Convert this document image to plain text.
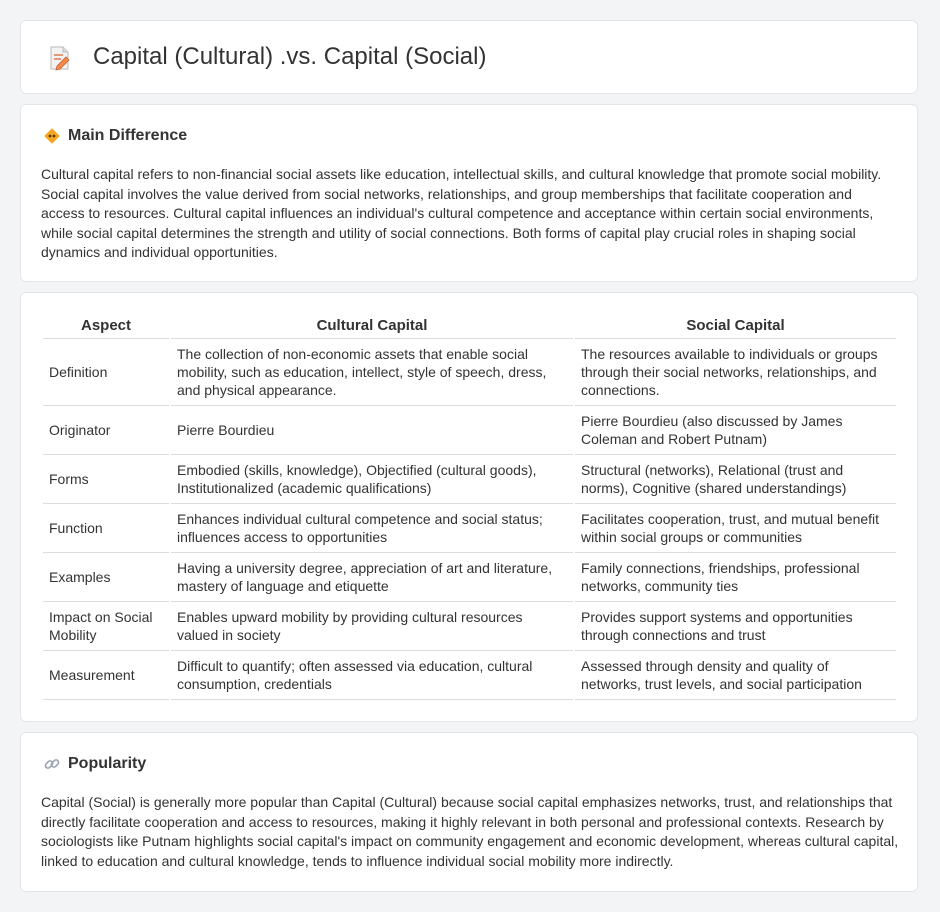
Capital (Cultural) .vs. Capital (Social)
Main Difference

Cultural capital refers to non-financial social assets like education, intellectual skills, and cultural knowledge that promote social mobility. Social capital involves the value derived from social networks, relationships, and group memberships that facilitate cooperation and access to resources. Cultural capital influences an individual's cultural competence and acceptance within certain social environments, while social capital determines the strength and utility of social connections. Both forms of capital play crucial roles in shaping social dynamics and individual opportunities.

Aspect	Cultural Capital	Social Capital
Definition	The collection of non-economic assets that enable social mobility, such as education, intellect, style of speech, dress, and physical appearance.	The resources available to individuals or groups through their social networks, relationships, and connections.
Originator	Pierre Bourdieu	Pierre Bourdieu (also discussed by James Coleman and Robert Putnam)
Forms	Embodied (skills, knowledge), Objectified (cultural goods), Institutionalized (academic qualifications)	Structural (networks), Relational (trust and norms), Cognitive (shared understandings)
Function	Enhances individual cultural competence and social status; influences access to opportunities	Facilitates cooperation, trust, and mutual benefit within social groups or communities
Examples	Having a university degree, appreciation of art and literature, mastery of language and etiquette	Family connections, friendships, professional networks, community ties
Impact on Social Mobility	Enables upward mobility by providing cultural resources valued in society	Provides support systems and opportunities through connections and trust
Measurement	Difficult to quantify; often assessed via education, cultural consumption, credentials	Assessed through density and quality of networks, trust levels, and social participation
Popularity

Capital (Social) is generally more popular than Capital (Cultural) because social capital emphasizes networks, trust, and relationships that directly facilitate cooperation and access to resources, making it highly relevant in both personal and professional contexts. Research by sociologists like Putnam highlights social capital's impact on community engagement and economic development, whereas cultural capital, linked to education and cultural knowledge, tends to influence individual social mobility more indirectly.
